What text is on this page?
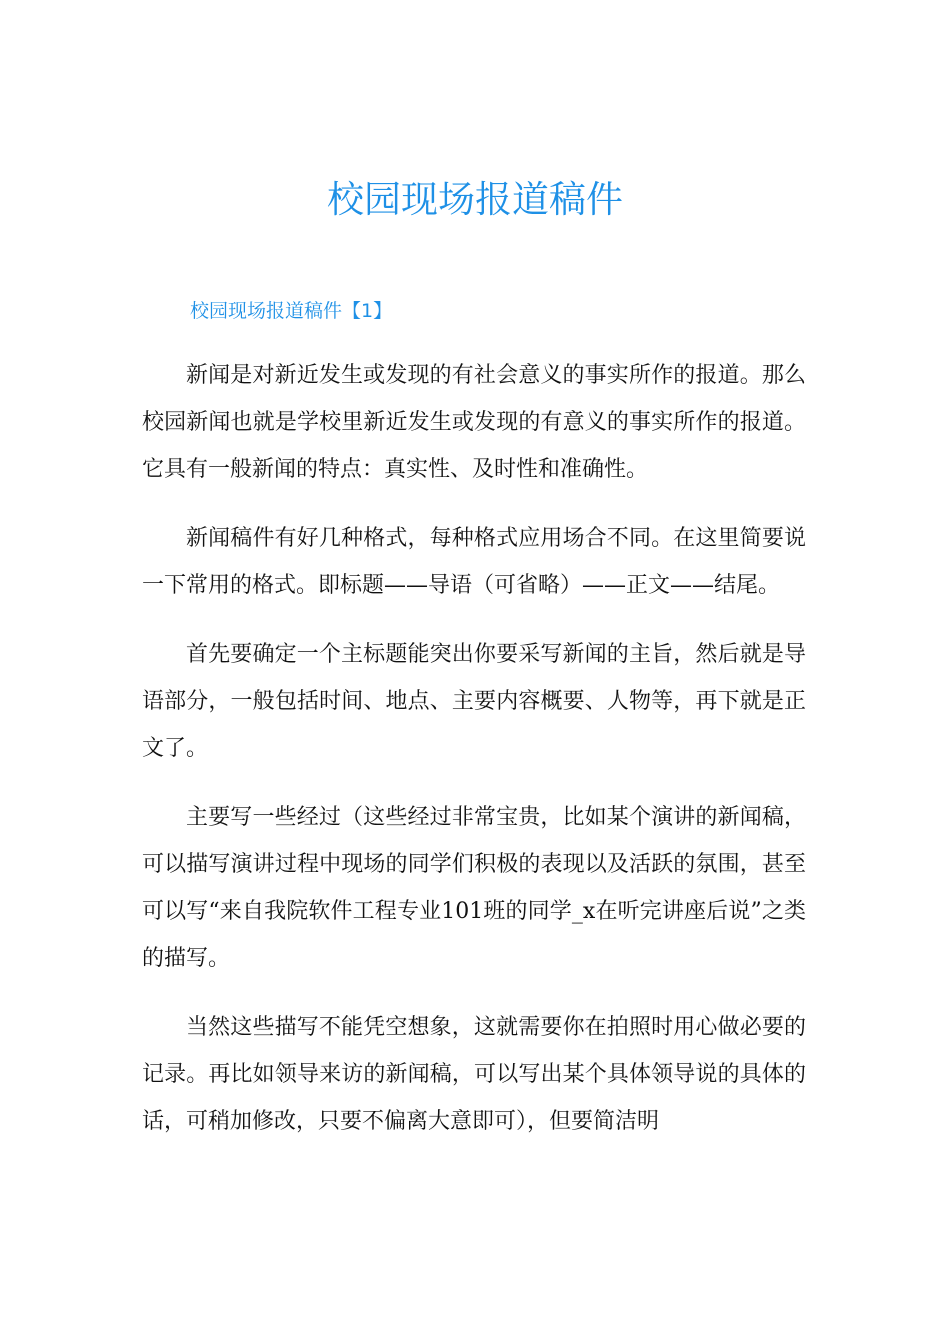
校园现场报道稿件
校园现场报道稿件【1】

新闻是对新近发生或发现的有社会意义的事实所作的报道。那么校园新闻也就是学校里新近发生或发现的有意义的事实所作的报道。它具有一般新闻的特点：真实性、及时性和准确性。

新闻稿件有好几种格式，每种格式应用场合不同。在这里简要说一下常用的格式。即标题——导语（可省略）——正文——结尾。

首先要确定一个主标题能突出你要采写新闻的主旨，然后就是导语部分，一般包括时间、地点、主要内容概要、人物等，再下就是正文了。

主要写一些经过（这些经过非常宝贵，比如某个演讲的新闻稿，可以描写演讲过程中现场的同学们积极的表现以及活跃的氛围，甚至可以写“来自我院软件工程专业101班的同学_x在听完讲座后说”之类的描写。

当然这些描写不能凭空想象，这就需要你在拍照时用心做必要的记录。再比如领导来访的新闻稿，可以写出某个具体领导说的具体的话，可稍加修改，只要不偏离大意即可），但要简洁明
